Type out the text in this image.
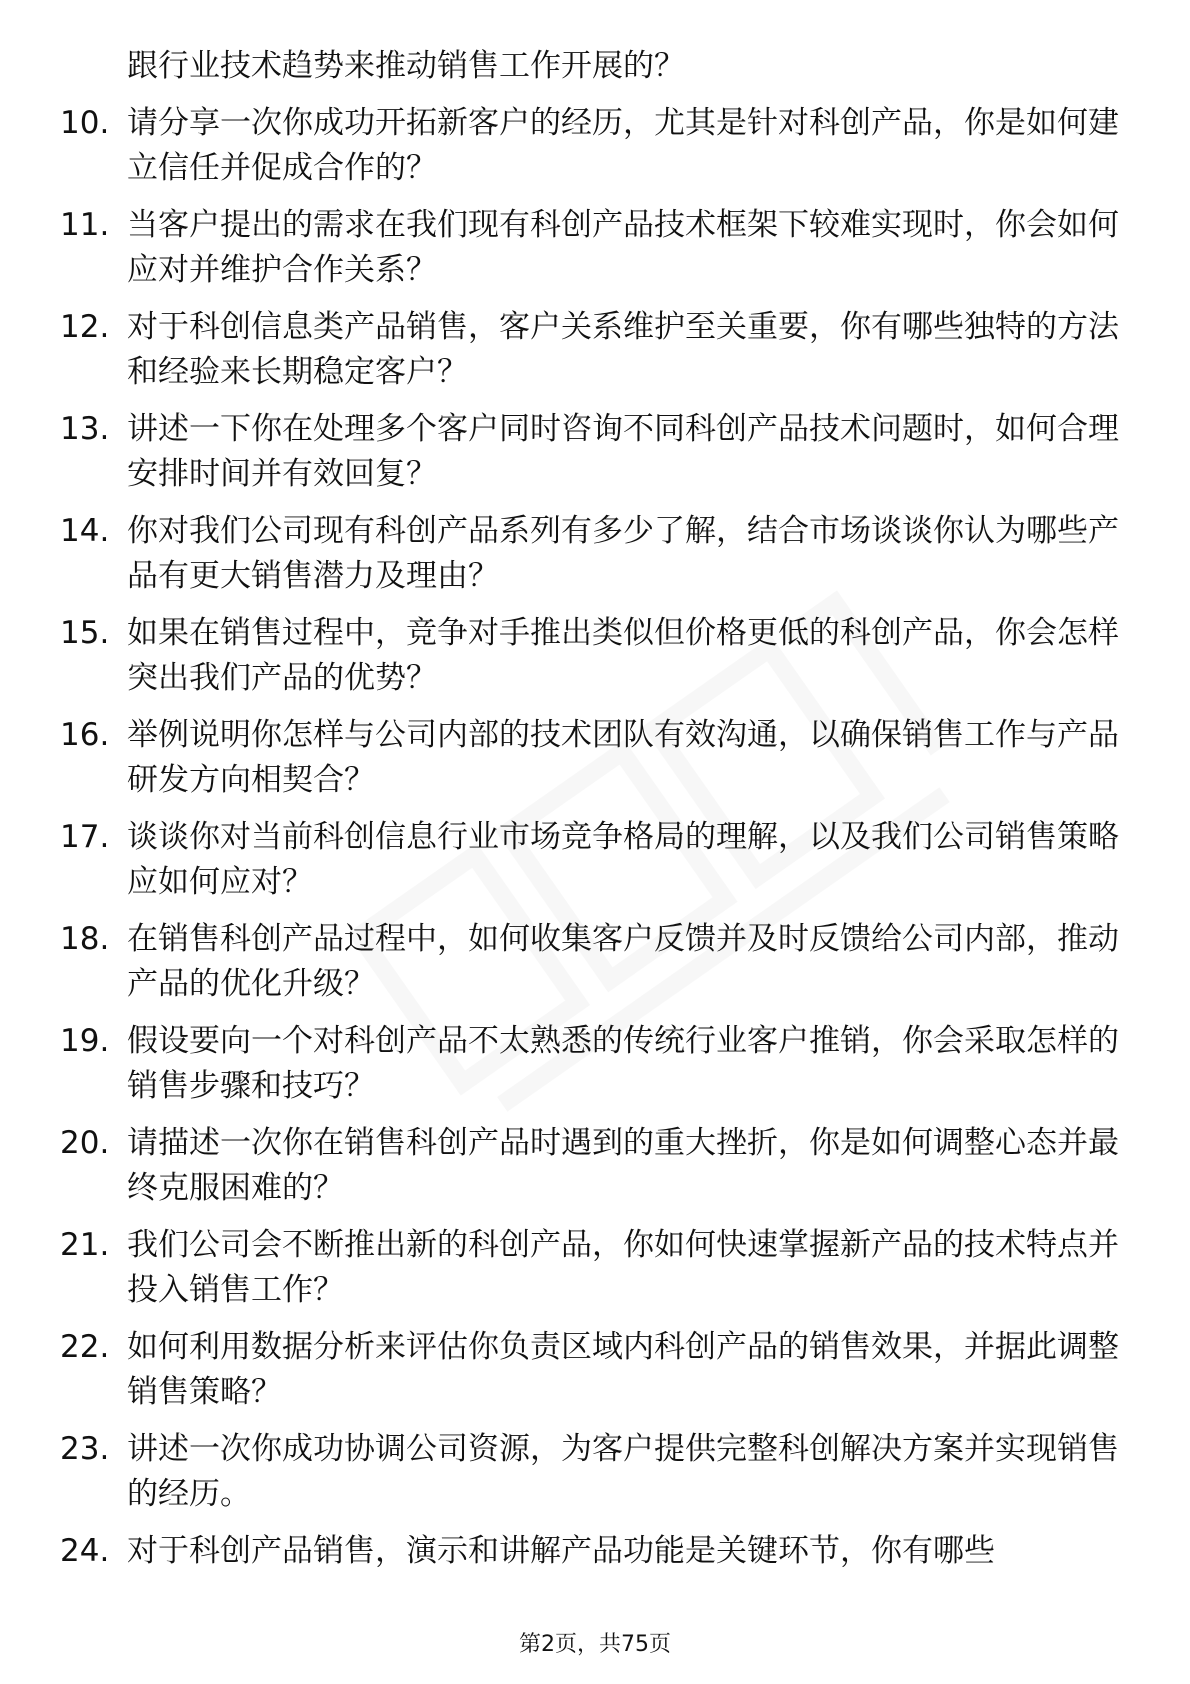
跟行业技术趋势来推动销售工作开展的？
10. 请分享一次你成功开拓新客户的经历，尤其是针对科创产品，你是如何建立信任并促成合作的？
11. 当客户提出的需求在我们现有科创产品技术框架下较难实现时，你会如何应对并维护合作关系？
12. 对于科创信息类产品销售，客户关系维护至关重要，你有哪些独特的方法和经验来长期稳定客户？
13. 讲述一下你在处理多个客户同时咨询不同科创产品技术问题时，如何合理安排时间并有效回复？
14. 你对我们公司现有科创产品系列有多少了解，结合市场谈谈你认为哪些产品有更大销售潜力及理由？
15. 如果在销售过程中，竞争对手推出类似但价格更低的科创产品，你会怎样突出我们产品的优势？
16. 举例说明你怎样与公司内部的技术团队有效沟通，以确保销售工作与产品研发方向相契合？
17. 谈谈你对当前科创信息行业市场竞争格局的理解，以及我们公司销售策略应如何应对？
18. 在销售科创产品过程中，如何收集客户反馈并及时反馈给公司内部，推动产品的优化升级？
19. 假设要向一个对科创产品不太熟悉的传统行业客户推销，你会采取怎样的销售步骤和技巧？
20. 请描述一次你在销售科创产品时遇到的重大挫折，你是如何调整心态并最终克服困难的？
21. 我们公司会不断推出新的科创产品，你如何快速掌握新产品的技术特点并投入销售工作？
22. 如何利用数据分析来评估你负责区域内科创产品的销售效果，并据此调整销售策略？
23. 讲述一次你成功协调公司资源，为客户提供完整科创解决方案并实现销售的经历。
24. 对于科创产品销售，演示和讲解产品功能是关键环节，你有哪些
第2页，共75页
